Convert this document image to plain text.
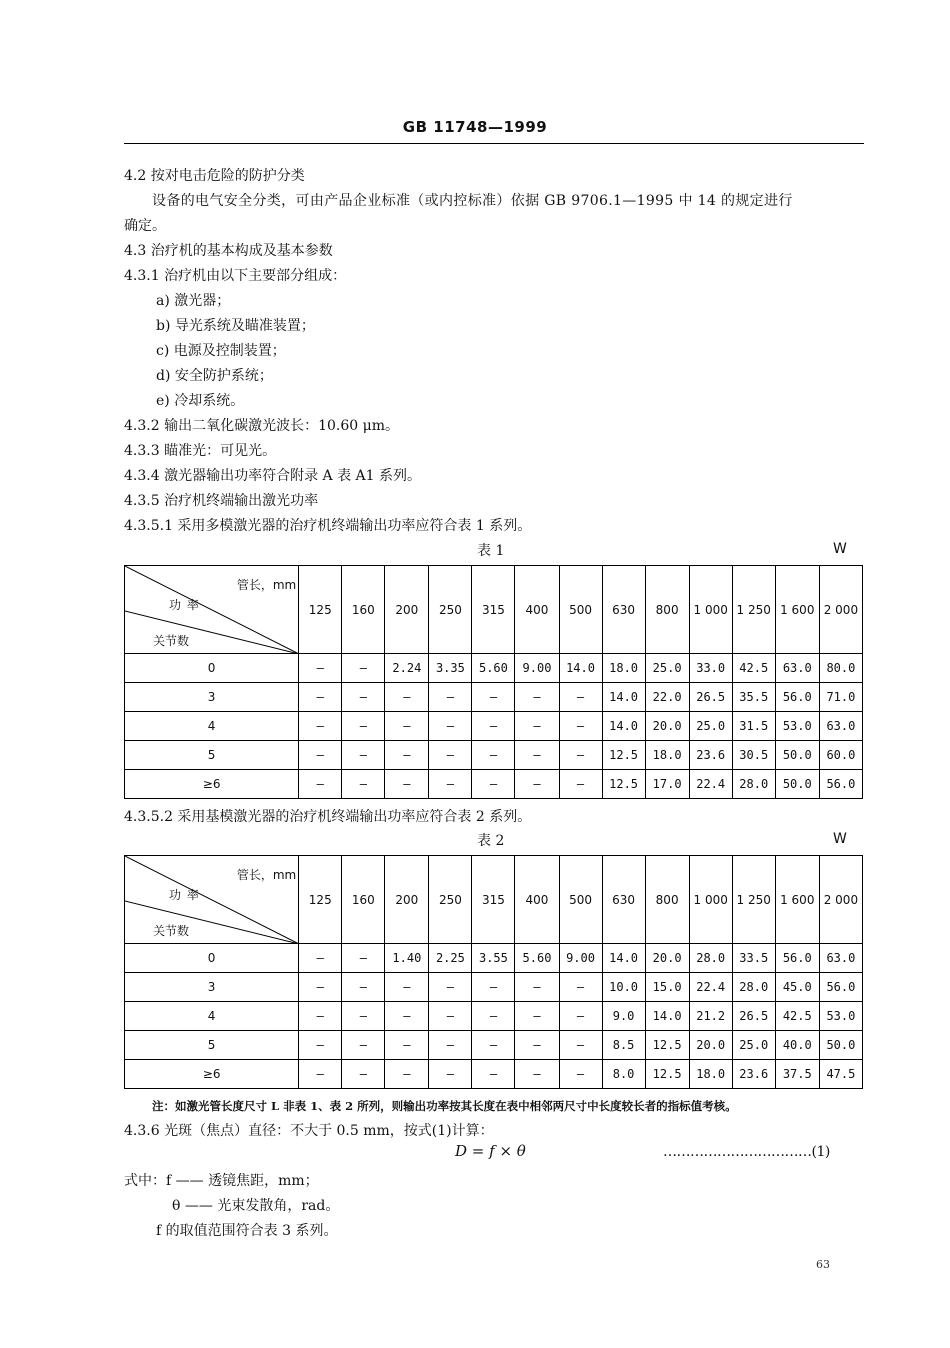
GB 11748—1999
4.2 按对电击危险的防护分类
设备的电气安全分类，可由产品企业标准（或内控标准）依据 GB 9706.1—1995 中 14 的规定进行
确定。
4.3 治疗机的基本构成及基本参数
4.3.1 治疗机由以下主要部分组成：
a) 激光器；
b) 导光系统及瞄准装置；
c) 电源及控制装置；
d) 安全防护系统；
e) 冷却系统。
4.3.2 输出二氧化碳激光波长：10.60 μm。
4.3.3 瞄准光：可见光。
4.3.4 激光器输出功率符合附录 A 表 A1 系列。
4.3.5 治疗机终端输出激光功率
4.3.5.1 采用多模激光器的治疗机终端输出功率应符合表 1 系列。
表 1	W
管长，mm
功 率
关节数	125	160	200	250	315	400	500	630	800	1 000	1 250	1 600	2 000
0	—	—	2.24	3.35	5.60	9.00	14.0	18.0	25.0	33.0	42.5	63.0	80.0
3	—	—	—	—	—	—	—	14.0	22.0	26.5	35.5	56.0	71.0
4	—	—	—	—	—	—	—	14.0	20.0	25.0	31.5	53.0	63.0
5	—	—	—	—	—	—	—	12.5	18.0	23.6	30.5	50.0	60.0
≥6	—	—	—	—	—	—	—	12.5	17.0	22.4	28.0	50.0	56.0
4.3.5.2 采用基模激光器的治疗机终端输出功率应符合表 2 系列。
表 2	W
管长，mm
功 率
关节数	125	160	200	250	315	400	500	630	800	1 000	1 250	1 600	2 000
0	—	—	1.40	2.25	3.55	5.60	9.00	14.0	20.0	28.0	33.5	56.0	63.0
3	—	—	—	—	—	—	—	10.0	15.0	22.4	28.0	45.0	56.0
4	—	—	—	—	—	—	—	9.0	14.0	21.2	26.5	42.5	53.0
5	—	—	—	—	—	—	—	8.5	12.5	20.0	25.0	40.0	50.0
≥6	—	—	—	—	—	—	—	8.0	12.5	18.0	23.6	37.5	47.5
注：如激光管长度尺寸 L 非表 1、表 2 所列，则输出功率按其长度在表中相邻两尺寸中长度较长者的指标值考核。
4.3.6 光斑（焦点）直径：不大于 0.5 mm，按式(1)计算：
D = f × θ	……………………………(1)
式中：f —— 透镜焦距，mm；
θ —— 光束发散角，rad。
f 的取值范围符合表 3 系列。
63
